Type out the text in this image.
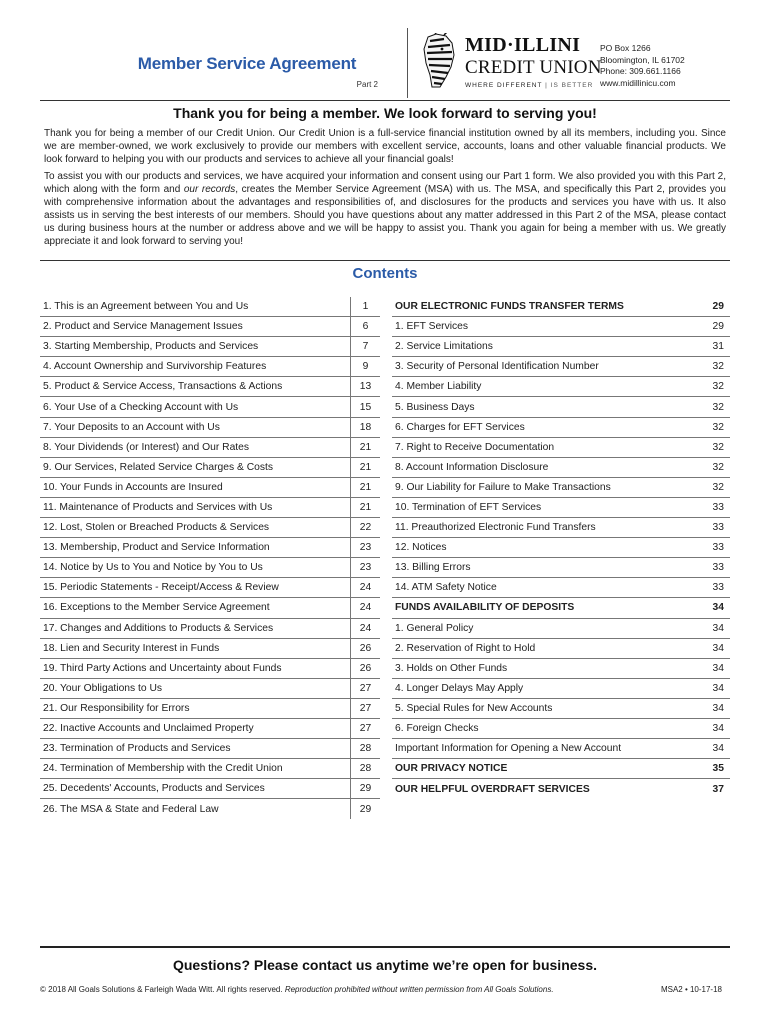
Member Service Agreement
Part 2
MID·ILLINI
CREDIT UNION
WHERE DIFFERENT | IS BETTER
PO Box 1266
Bloomington, IL 61702
Phone: 309.661.1166
www.midillinicu.com
Thank you for being a member. We look forward to serving you!

Thank you for being a member of our Credit Union. Our Credit Union is a full-service financial institution owned by all its members, including you. Since we are member-owned, we work exclusively to provide our members with excellent service, accounts, loans and other valuable financial products. We look forward to helping you with our products and services to achieve all your financial goals!

To assist you with our products and services, we have acquired your information and consent using our Part 1 form. We also provided you with this Part 2, which along with the form and our records, creates the Member Service Agreement (MSA) with us. The MSA, and specifically this Part 2, provides you with comprehensive information about the advantages and responsibilities of, and disclosures for the products and services you have with us. It also assists us in serving the best interests of our members. Should you have questions about any matter addressed in this Part 2 of the MSA, please contact us during business hours at the number or address above and we will be happy to assist you. Thank you again for being a member with us. We greatly appreciate it and look forward to serving you!

Contents
1. This is an Agreement between You and Us	1
2. Product and Service Management Issues	6
3. Starting Membership, Products and Services	7
4. Account Ownership and Survivorship Features	9
5. Product & Service Access, Transactions & Actions	13
6. Your Use of a Checking Account with Us	15
7. Your Deposits to an Account with Us	18
8. Your Dividends (or Interest) and Our Rates	21
9. Our Services, Related Service Charges & Costs	21
10. Your Funds in Accounts are Insured	21
11. Maintenance of Products and Services with Us	21
12. Lost, Stolen or Breached Products & Services	22
13. Membership, Product and Service Information	23
14. Notice by Us to You and Notice by You to Us	23
15. Periodic Statements - Receipt/Access & Review	24
16. Exceptions to the Member Service Agreement	24
17. Changes and Additions to Products & Services	24
18. Lien and Security Interest in Funds	26
19. Third Party Actions and Uncertainty about Funds	26
20. Your Obligations to Us	27
21. Our Responsibility for Errors	27
22. Inactive Accounts and Unclaimed Property	27
23. Termination of Products and Services	28
24. Termination of Membership with the Credit Union	28
25. Decedents' Accounts, Products and Services	29
26. The MSA & State and Federal Law	29
OUR ELECTRONIC FUNDS TRANSFER TERMS	29
1. EFT Services	29
2. Service Limitations	31
3. Security of Personal Identification Number	32
4. Member Liability	32
5. Business Days	32
6. Charges for EFT Services	32
7. Right to Receive Documentation	32
8. Account Information Disclosure	32
9. Our Liability for Failure to Make Transactions	32
10. Termination of EFT Services	33
11. Preauthorized Electronic Fund Transfers	33
12. Notices	33
13. Billing Errors	33
14. ATM Safety Notice	33
FUNDS AVAILABILITY OF DEPOSITS	34
1. General Policy	34
2. Reservation of Right to Hold	34
3. Holds on Other Funds	34
4. Longer Delays May Apply	34
5. Special Rules for New Accounts	34
6. Foreign Checks	34
Important Information for Opening a New Account	34
OUR PRIVACY NOTICE	35
OUR HELPFUL OVERDRAFT SERVICES	37
Questions? Please contact us anytime we’re open for business.
© 2018 All Goals Solutions & Farleigh Wada Witt. All rights reserved. Reproduction prohibited without written permission from All Goals Solutions.	MSA2 • 10-17-18
